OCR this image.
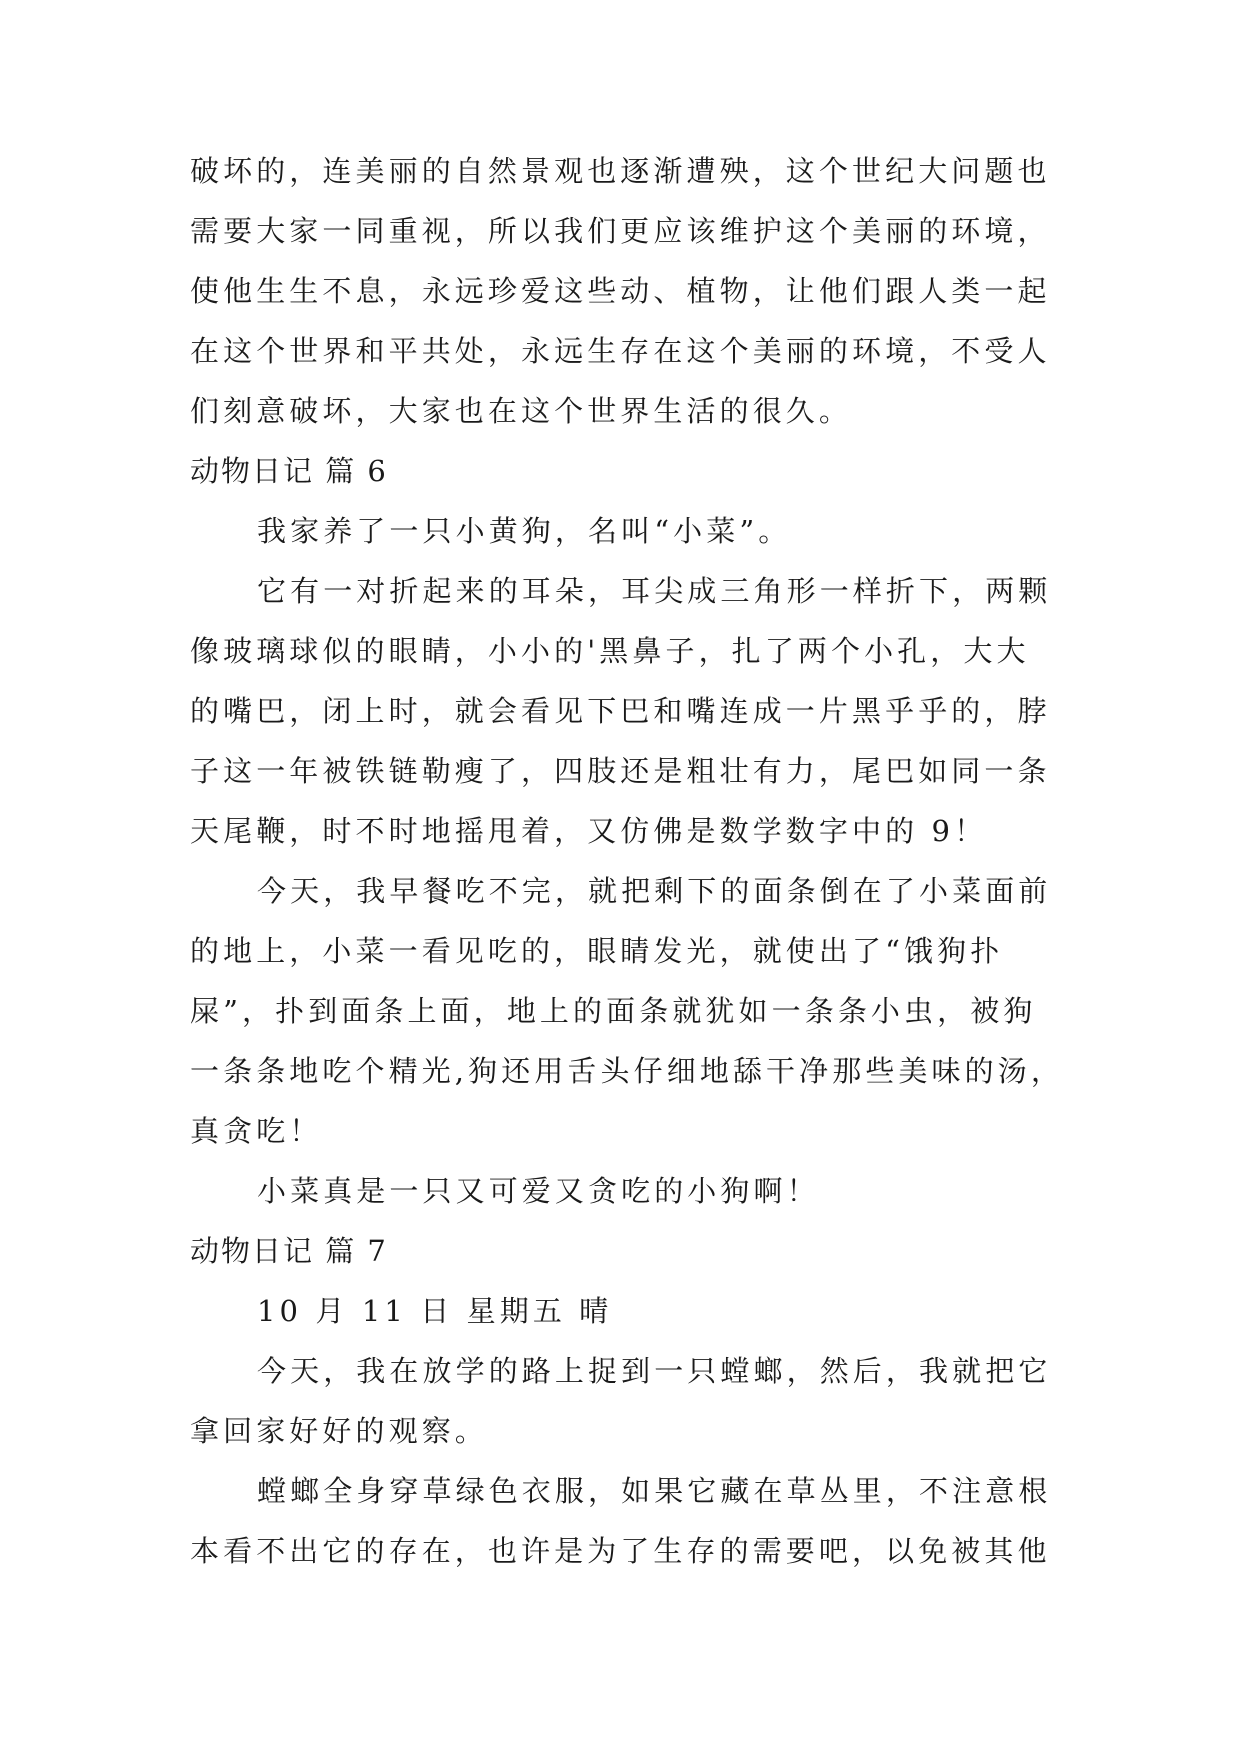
破坏的，连美丽的自然景观也逐渐遭殃，这个世纪大问题也
需要大家一同重视，所以我们更应该维护这个美丽的环境，
使他生生不息，永远珍爱这些动、植物，让他们跟人类一起
在这个世界和平共处，永远生存在这个美丽的环境，不受人
们刻意破坏，大家也在这个世界生活的很久。
动物日记 篇 6
我家养了一只小黄狗，名叫“小菜”。
它有一对折起来的耳朵，耳尖成三角形一样折下，两颗
像玻璃球似的眼睛，小小的'黑鼻子，扎了两个小孔，大大
的嘴巴，闭上时，就会看见下巴和嘴连成一片黑乎乎的，脖
子这一年被铁链勒瘦了，四肢还是粗壮有力，尾巴如同一条
天尾鞭，时不时地摇甩着，又仿佛是数学数字中的 9！
今天，我早餐吃不完，就把剩下的面条倒在了小菜面前
的地上，小菜一看见吃的，眼睛发光，就使出了“饿狗扑
屎”，扑到面条上面，地上的面条就犹如一条条小虫，被狗
一条条地吃个精光,狗还用舌头仔细地舔干净那些美味的汤，
真贪吃！
小菜真是一只又可爱又贪吃的小狗啊！
动物日记 篇 7
10 月 11 日 星期五 晴
今天，我在放学的路上捉到一只螳螂，然后，我就把它
拿回家好好的观察。
螳螂全身穿草绿色衣服，如果它藏在草丛里，不注意根
本看不出它的存在，也许是为了生存的需要吧，以免被其他
